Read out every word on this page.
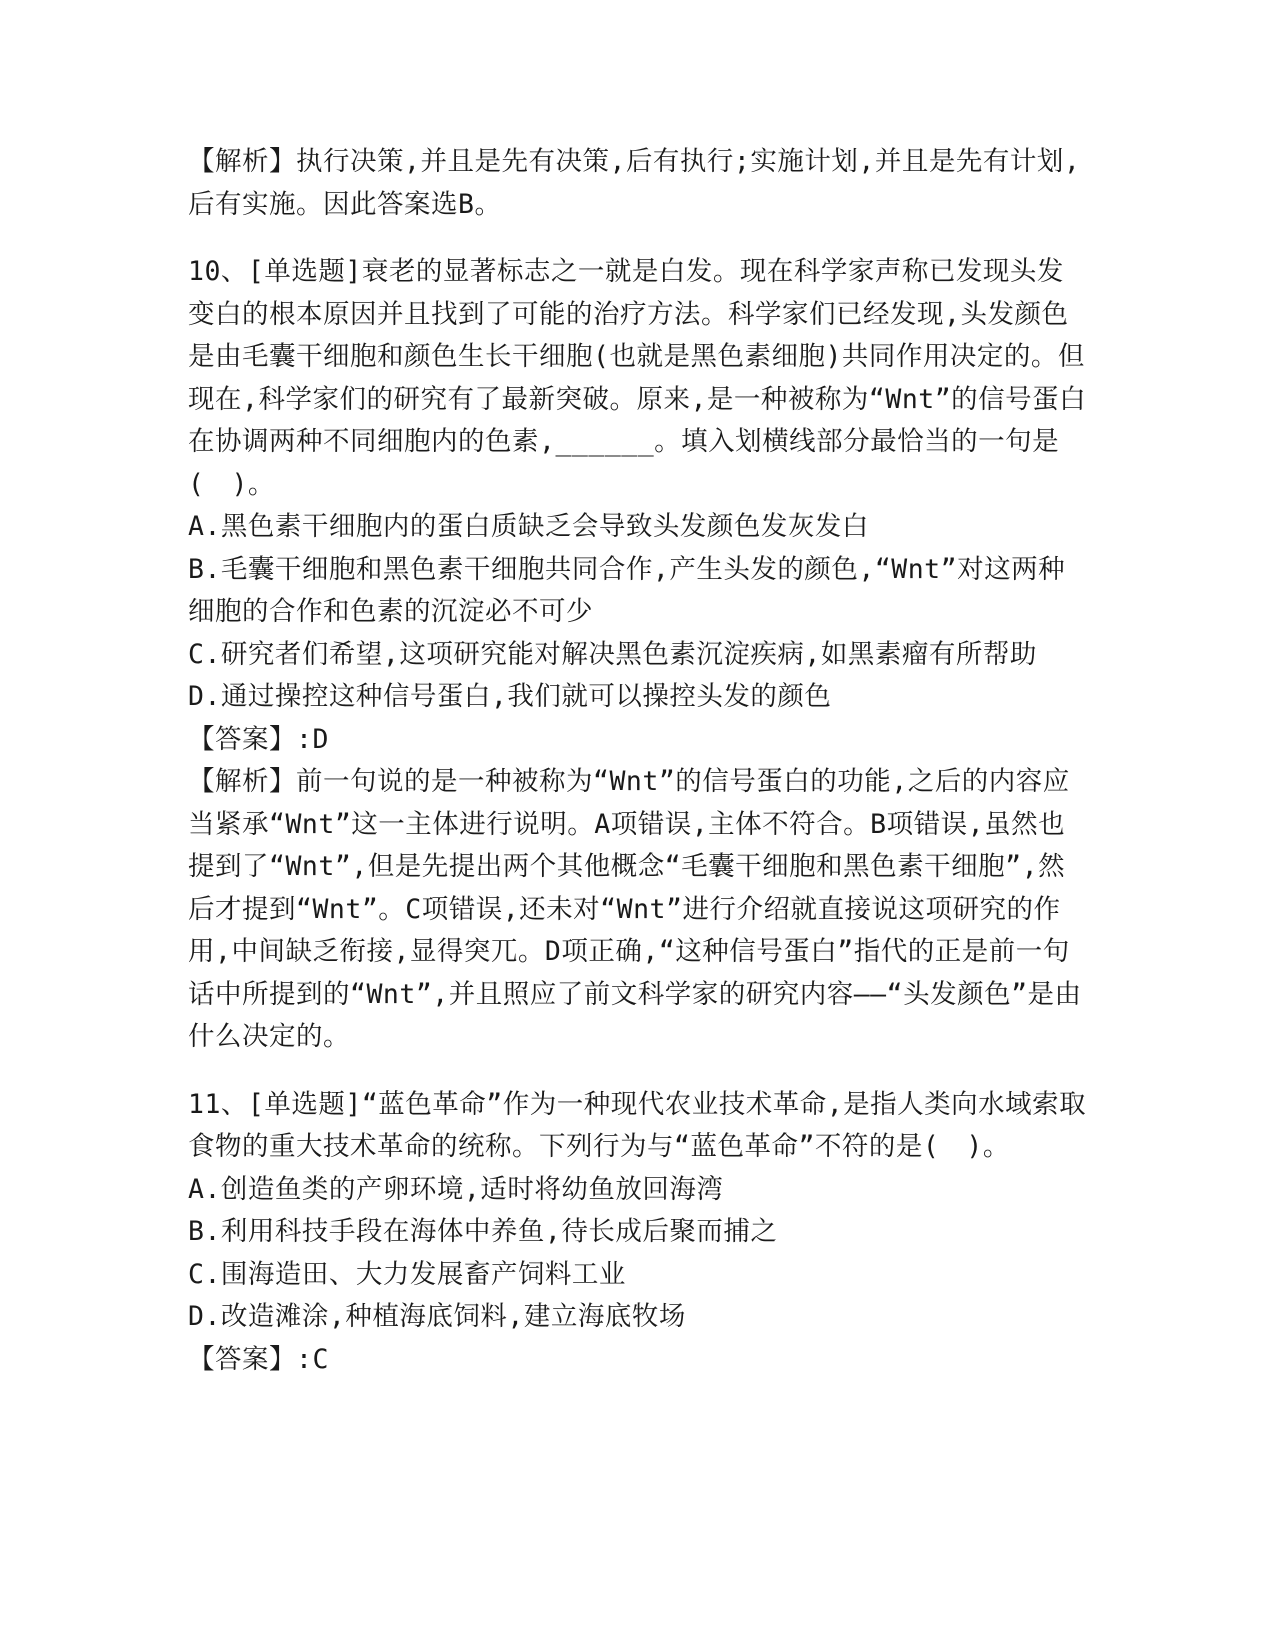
【解析】执行决策,并且是先有决策,后有执行;实施计划,并且是先有计划,后有实施。因此答案选B。

10、[单选题]衰老的显著标志之一就是白发。现在科学家声称已发现头发变白的根本原因并且找到了可能的治疗方法。科学家们已经发现,头发颜色是由毛囊干细胞和颜色生长干细胞(也就是黑色素细胞)共同作用决定的。但现在,科学家们的研究有了最新突破。原来,是一种被称为“Wnt”的信号蛋白在协调两种不同细胞内的色素,______。填入划横线部分最恰当的一句是(　)。

A.黑色素干细胞内的蛋白质缺乏会导致头发颜色发灰发白

B.毛囊干细胞和黑色素干细胞共同合作,产生头发的颜色,“Wnt”对这两种细胞的合作和色素的沉淀必不可少

C.研究者们希望,这项研究能对解决黑色素沉淀疾病,如黑素瘤有所帮助

D.通过操控这种信号蛋白,我们就可以操控头发的颜色

【答案】:D

【解析】前一句说的是一种被称为“Wnt”的信号蛋白的功能,之后的内容应当紧承“Wnt”这一主体进行说明。A项错误,主体不符合。B项错误,虽然也提到了“Wnt”,但是先提出两个其他概念“毛囊干细胞和黑色素干细胞”,然后才提到“Wnt”。C项错误,还未对“Wnt”进行介绍就直接说这项研究的作用,中间缺乏衔接,显得突兀。D项正确,“这种信号蛋白”指代的正是前一句话中所提到的“Wnt”,并且照应了前文科学家的研究内容——“头发颜色”是由什么决定的。

11、[单选题]“蓝色革命”作为一种现代农业技术革命,是指人类向水域索取食物的重大技术革命的统称。下列行为与“蓝色革命”不符的是(　)。

A.创造鱼类的产卵环境,适时将幼鱼放回海湾

B.利用科技手段在海体中养鱼,待长成后聚而捕之

C.围海造田、大力发展畜产饲料工业

D.改造滩涂,种植海底饲料,建立海底牧场

【答案】:C
